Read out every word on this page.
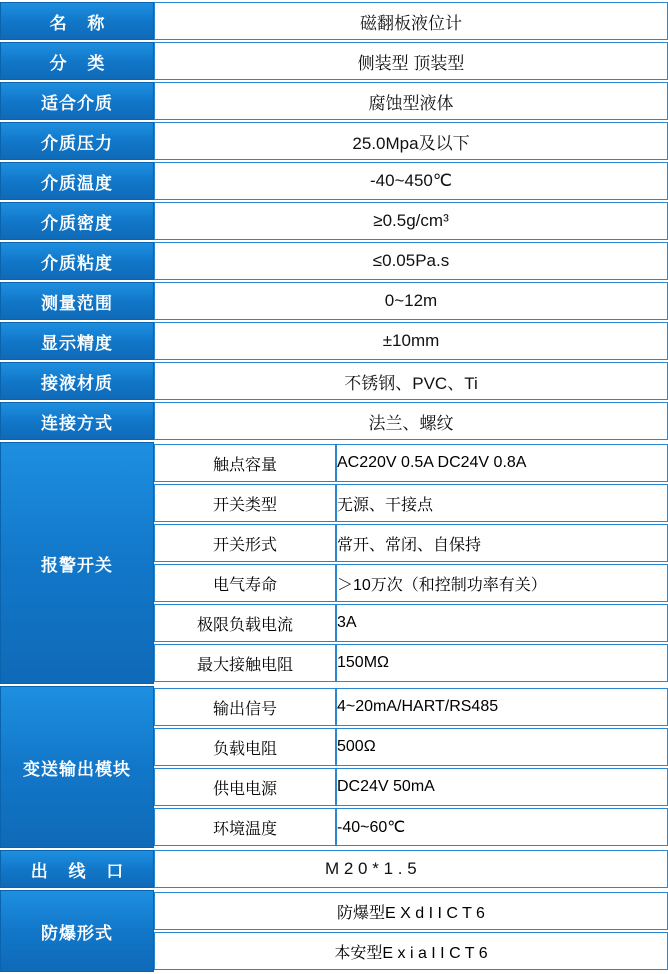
名 称	磁翻板液位计
分 类	侧装型 顶装型
适合介质	腐蚀型液体
介质压力	25.0Mpa及以下
介质温度	-40~450℃
介质密度	≥0.5g/cm³
介质粘度	≤0.05Pa.s
测量范围	0~12m
显示精度	±10mm
接液材质	不锈钢、PVC、Ti
连接方式	法兰、螺纹
报警开关	
触点容量	AC220V 0.5A DC24V 0.8A
开关类型	无源、干接点
开关形式	常开、常闭、自保持
电气寿命	＞10万次（和控制功率有关）
极限负载电流	3A
最大接触电阻	150MΩ

变送输出模块	
输出信号	4~20mA/HART/RS485
负载电阻	500Ω
供电电源	DC24V 50mA
环境温度	-40~60℃

出 线 口	M 2 0 * 1 . 5
防爆形式	
防爆型E X d I I C T 6
本安型E x i a I I C T 6
